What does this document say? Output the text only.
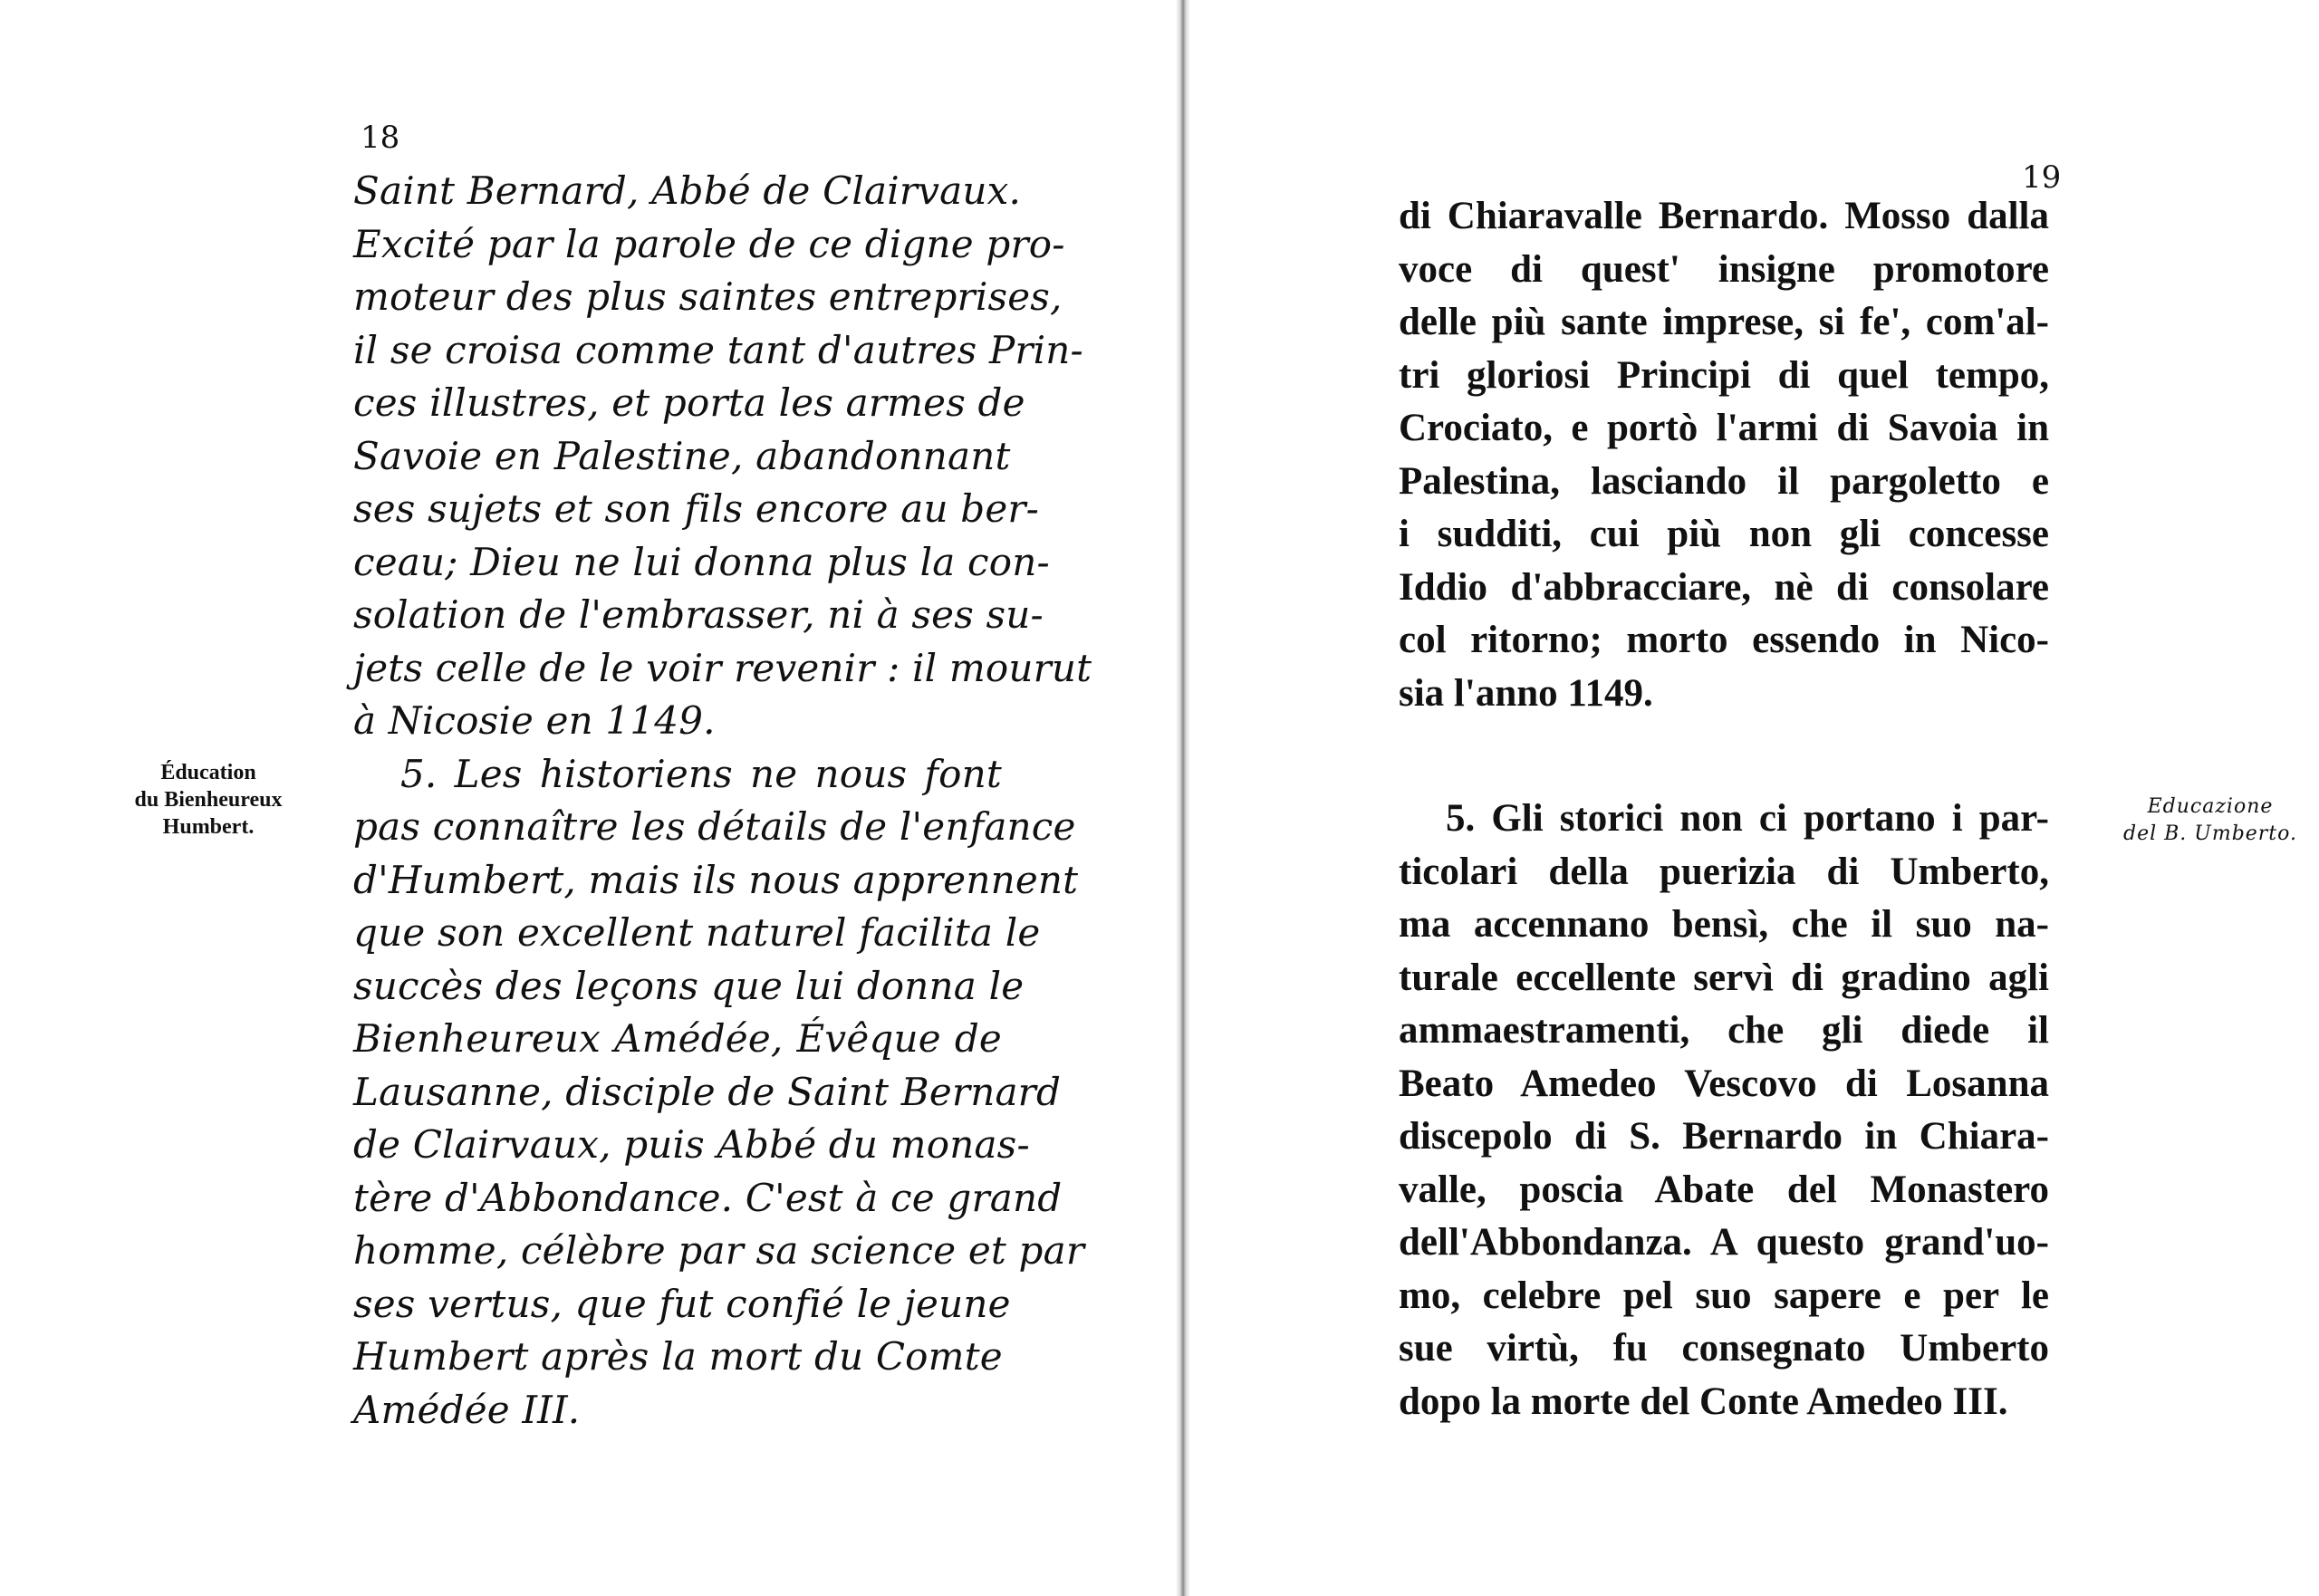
18
Éducation
du Bienheureux
Humbert.
Saint Bernard, Abbé de Clairvaux.
Excité par la parole de ce digne pro-
moteur des plus saintes entreprises,
il se croisa comme tant d'autres Prin-
ces illustres, et porta les armes de
Savoie en Palestine, abandonnant
ses sujets et son fils encore au ber-
ceau; Dieu ne lui donna plus la con-
solation de l'embrasser, ni à ses su-
jets celle de le voir revenir : il mourut
à Nicosie en 1149.
5. Les historiens ne nous font
pas connaître les détails de l'enfance
d'Humbert, mais ils nous apprennent
que son excellent naturel facilita le
succès des leçons que lui donna le
Bienheureux Amédée, Évêque de
Lausanne, disciple de Saint Bernard
de Clairvaux, puis Abbé du monas-
tère d'Abbondance. C'est à ce grand
homme, célèbre par sa science et par
ses vertus, que fut confié le jeune
Humbert après la mort du Comte
Amédée III.
19
Educazione
del B. Umberto.
di Chiaravalle Bernardo. Mosso dalla
voce di quest' insigne promotore
delle più sante imprese, si fe', com'al-
tri gloriosi Principi di quel tempo,
Crociato, e portò l'armi di Savoia in
Palestina, lasciando il pargoletto e
i sudditi, cui più non gli concesse
Iddio d'abbracciare, nè di consolare
col ritorno; morto essendo in Nico-
sia l'anno 1149.
5. Gli storici non ci portano i par-
ticolari della puerizia di Umberto,
ma accennano bensì, che il suo na-
turale eccellente servì di gradino agli
ammaestramenti, che gli diede il
Beato Amedeo Vescovo di Losanna
discepolo di S. Bernardo in Chiara-
valle, poscia Abate del Monastero
dell'Abbondanza. A questo grand'uo-
mo, celebre pel suo sapere e per le
sue virtù, fu consegnato Umberto
dopo la morte del Conte Amedeo III.
